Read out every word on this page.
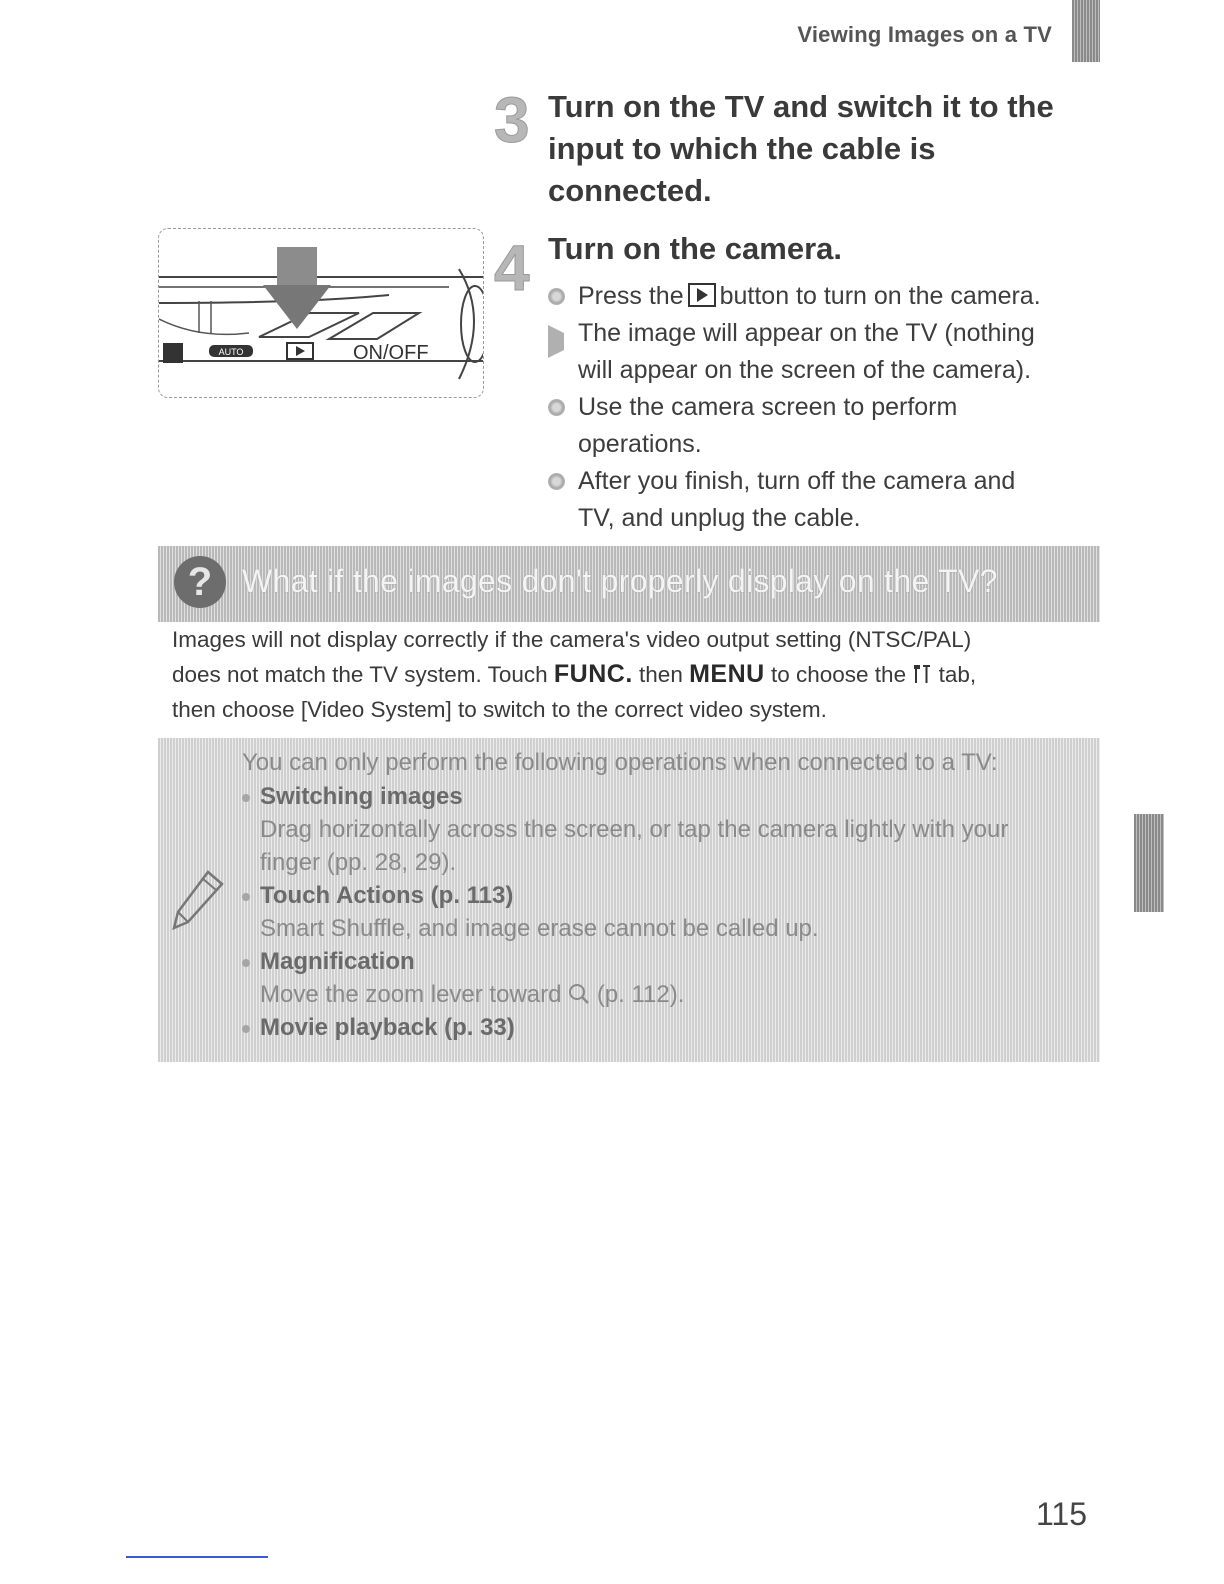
Viewing Images on a TV
3 Turn on the TV and switch it to the
input to which the cable is
connected.
AUTO	ON/OFF
4 Turn on the camera.
Press the button to turn on the camera.
The image will appear on the TV (nothing
will appear on the screen of the camera).
Use the camera screen to perform
operations.
After you finish, turn off the camera and
TV, and unplug the cable.
? What if the images don't properly display on the TV?
Images will not display correctly if the camera's video output setting (NTSC/PAL)
does not match the TV system. Touch FUNC. then MENU to choose the tab,
then choose [Video System] to switch to the correct video system.
You can only perform the following operations when connected to a TV:
Switching images
Drag horizontally across the screen, or tap the camera lightly with your
finger (pp. 28, 29).
Touch Actions (p. 113)
Smart Shuffle, and image erase cannot be called up.
Magnification
Move the zoom lever toward (p. 112).
Movie playback (p. 33)
115
